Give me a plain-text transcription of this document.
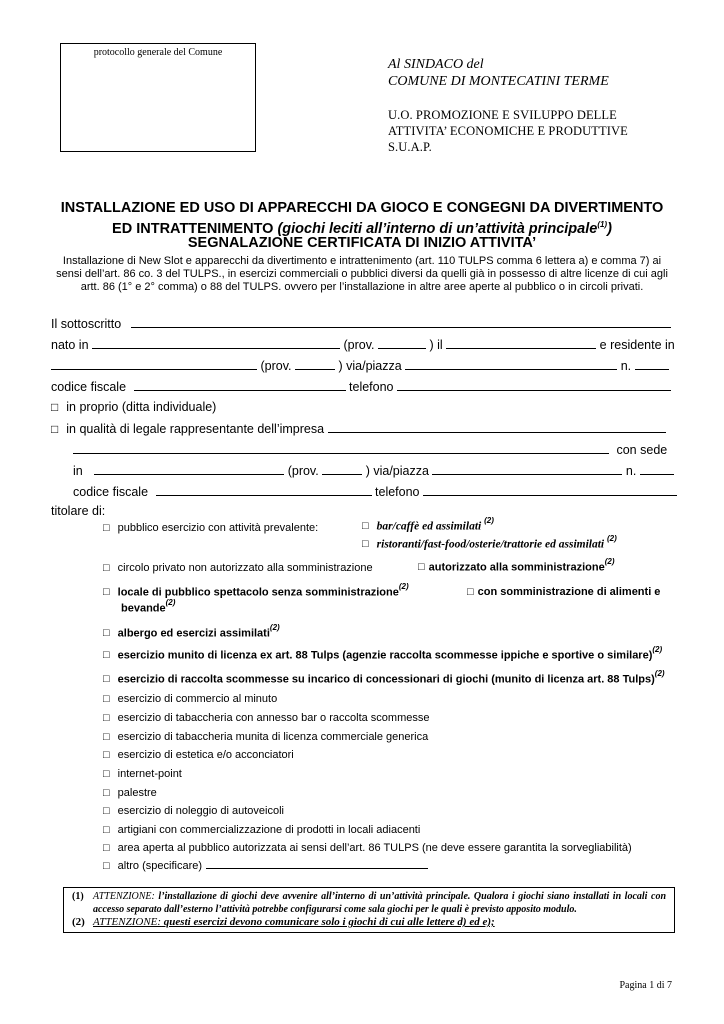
protocollo generale del Comune
Al SINDACO del
COMUNE DI MONTECATINI TERME
U.O. PROMOZIONE E SVILUPPO DELLE
ATTIVITA’ ECONOMICHE E PRODUTTIVE
S.U.A.P.
INSTALLAZIONE ED USO DI APPARECCHI DA GIOCO E CONGEGNI DA DIVERTIMENTO
ED INTRATTENIMENTO (giochi leciti all’interno di un’attività principale$^{(1)}$)
SEGNALAZIONE CERTIFICATA DI INIZIO ATTIVITA’
Installazione di New Slot e apparecchi da divertimento e intrattenimento (art. 110 TULPS comma 6 lettera a) e comma 7) ai
sensi dell’art. 86 co. 3 del TULPS., in esercizi commerciali o pubblici diversi da quelli già in possesso di altre licenze di cui agli
artt. 86 (1° e 2° comma) o 88 del TULPS. ovvero per l’installazione in altre aree aperte al pubblico o in circoli privati.
Il sottoscritto
nato in	(prov.	) il	e residente in
(prov.	) via/piazza	n.
codice fiscale	telefono
□ in proprio (ditta individuale)
□ in qualità di legale rappresentante dell’impresa
con sede
in	(prov.	) via/piazza	n.
codice fiscale	telefono
titolare di:
□ pubblico esercizio con attività prevalente:	□ bar/caffè ed assimilati $^{(2)}$
□ ristoranti/fast-food/osterie/trattorie ed assimilati $^{(2)}$
□ circolo privato non autorizzato alla somministrazione	□ autorizzato alla somministrazione$^{(2)}$
□ locale di pubblico spettacolo senza somministrazione$^{(2)}$	□ con somministrazione di alimenti e
bevande$^{(2)}$
□ albergo ed esercizi assimilati$^{(2)}$
□ esercizio munito di licenza ex art. 88 Tulps (agenzie raccolta scommesse ippiche e sportive o similare)$^{(2)}$
□ esercizio di raccolta scommesse su incarico di concessionari di giochi (munito di licenza art. 88 Tulps)$^{(2)}$
□ esercizio di commercio al minuto
□ esercizio di tabaccheria con annesso bar o raccolta scommesse
□ esercizio di tabaccheria munita di licenza commerciale generica
□ esercizio di estetica e/o acconciatori
□ internet-point
□ palestre
□ esercizio di noleggio di autoveicoli
□ artigiani con commercializzazione di prodotti in locali adiacenti
□ area aperta al pubblico autorizzata ai sensi dell’art. 86 TULPS (ne deve essere garantita la sorvegliabilità)
□ altro (specificare)
(1) ATTENZIONE: l’installazione di giochi deve avvenire all’interno di un’attività principale. Qualora i giochi siano installati in locali con accesso separato dall’esterno l’attività potrebbe configurarsi come sala giochi per le quali è previsto apposito modulo.
(2) ATTENZIONE: questi esercizi devono comunicare solo i giochi di cui alle lettere d) ed e);
Pagina 1 di 7
